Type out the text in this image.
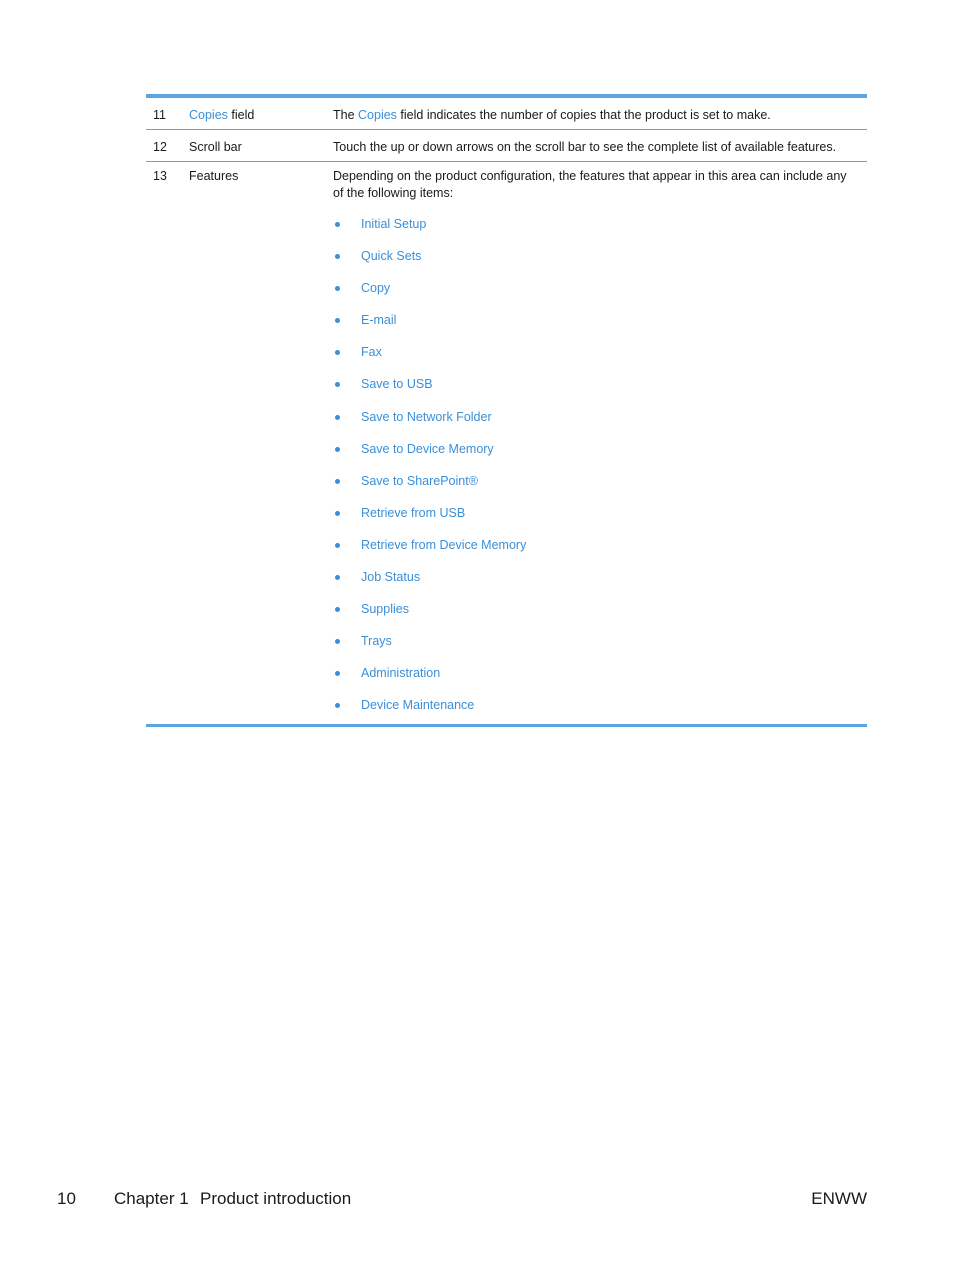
11 Copies field	The Copies field indicates the number of copies that the product is set to make.
12 Scroll bar	Touch the up or down arrows on the scroll bar to see the complete list of available features.
13 Features	Depending on the product configuration, the features that appear in this area can include any of the following items:
Initial Setup
Quick Sets
Copy
E-mail
Fax
Save to USB
Save to Network Folder
Save to Device Memory
Save to SharePoint®
Retrieve from USB
Retrieve from Device Memory
Job Status
Supplies
Trays
Administration
Device Maintenance
10 Chapter 1 Product introduction	ENWW
